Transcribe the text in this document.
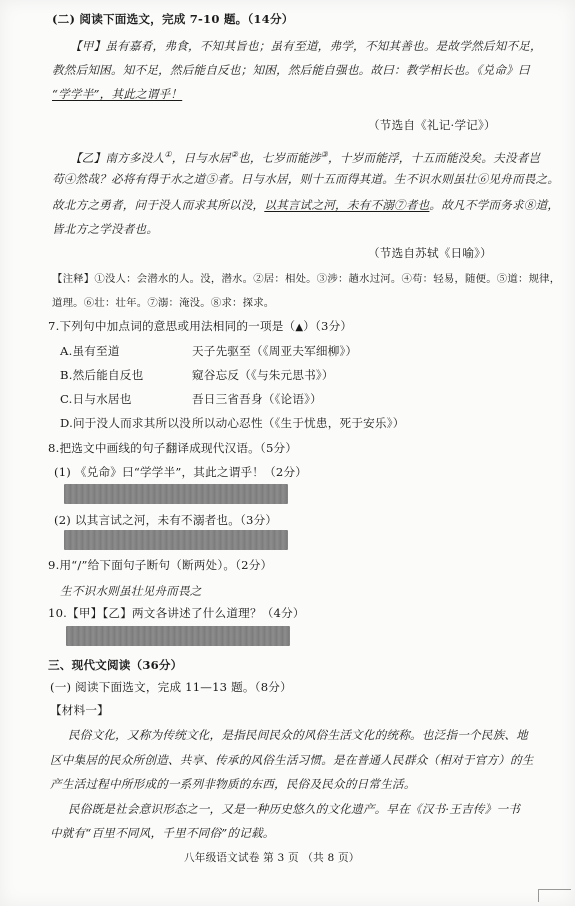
(二) 阅读下面选文，完成 7-10 题。（14分）
【甲】虽有嘉肴，弗食，不知其旨也；虽有至道，弗学，不知其善也。是故学然后知不足，
教然后知困。知不足，然后能自反也；知困，然后能自强也。故曰：教学相长也。《兑命》曰
“学学半”，其此之谓乎！
（节选自《礼记·学记》）
【乙】南方多没人①，日与水居②也，七岁而能涉③，十岁而能浮，十五而能没矣。夫没者岂
苟④然哉？必将有得于水之道⑤者。日与水居，则十五而得其道。生不识水则虽壮⑥见舟而畏之。
故北方之勇者，问于没人而求其所以没，以其言试之河，未有不溺⑦者也。故凡不学而务求⑧道，
皆北方之学没者也。
（节选自苏轼《日喻》）
【注释】①没人：会潜水的人。没，潜水。②居：相处。③涉：趟水过河。④苟：轻易，随便。⑤道：规律，
道理。⑥壮：壮年。⑦溺：淹没。⑧求：探求。
7.下列句中加点词的意思或用法相同的一项是（▲）（3分）
A.虽有至道	天子先驱至（《周亚夫军细柳》）
B.然后能自反也	窥谷忘反（《与朱元思书》）
C.日与水居也	吾日三省吾身（《论语》）
D.问于没人而求其所以没 所以动心忍性（《生于忧患，死于安乐》）
8.把选文中画线的句子翻译成现代汉语。（5分）
(1) 《兑命》曰“学学半”，其此之谓乎！（2分）
(2) 以其言试之河，未有不溺者也。（3分）
9.用“/”给下面句子断句（断两处）。（2分）
生不识水则虽壮见舟而畏之
10.【甲】【乙】两文各讲述了什么道理？（4分）
三、现代文阅读（36分）
(一) 阅读下面选文，完成 11—13 题。（8分）
【材料一】
民俗文化，又称为传统文化，是指民间民众的风俗生活文化的统称。也泛指一个民族、地
区中集居的民众所创造、共享、传承的风俗生活习惯。是在普通人民群众（相对于官方）的生
产生活过程中所形成的一系列非物质的东西，民俗及民众的日常生活。
民俗既是社会意识形态之一，又是一种历史悠久的文化遗产。早在《汉书·王吉传》一书
中就有“百里不同风，千里不同俗”的记载。
八年级语文试卷 第 3 页 （共 8 页）
